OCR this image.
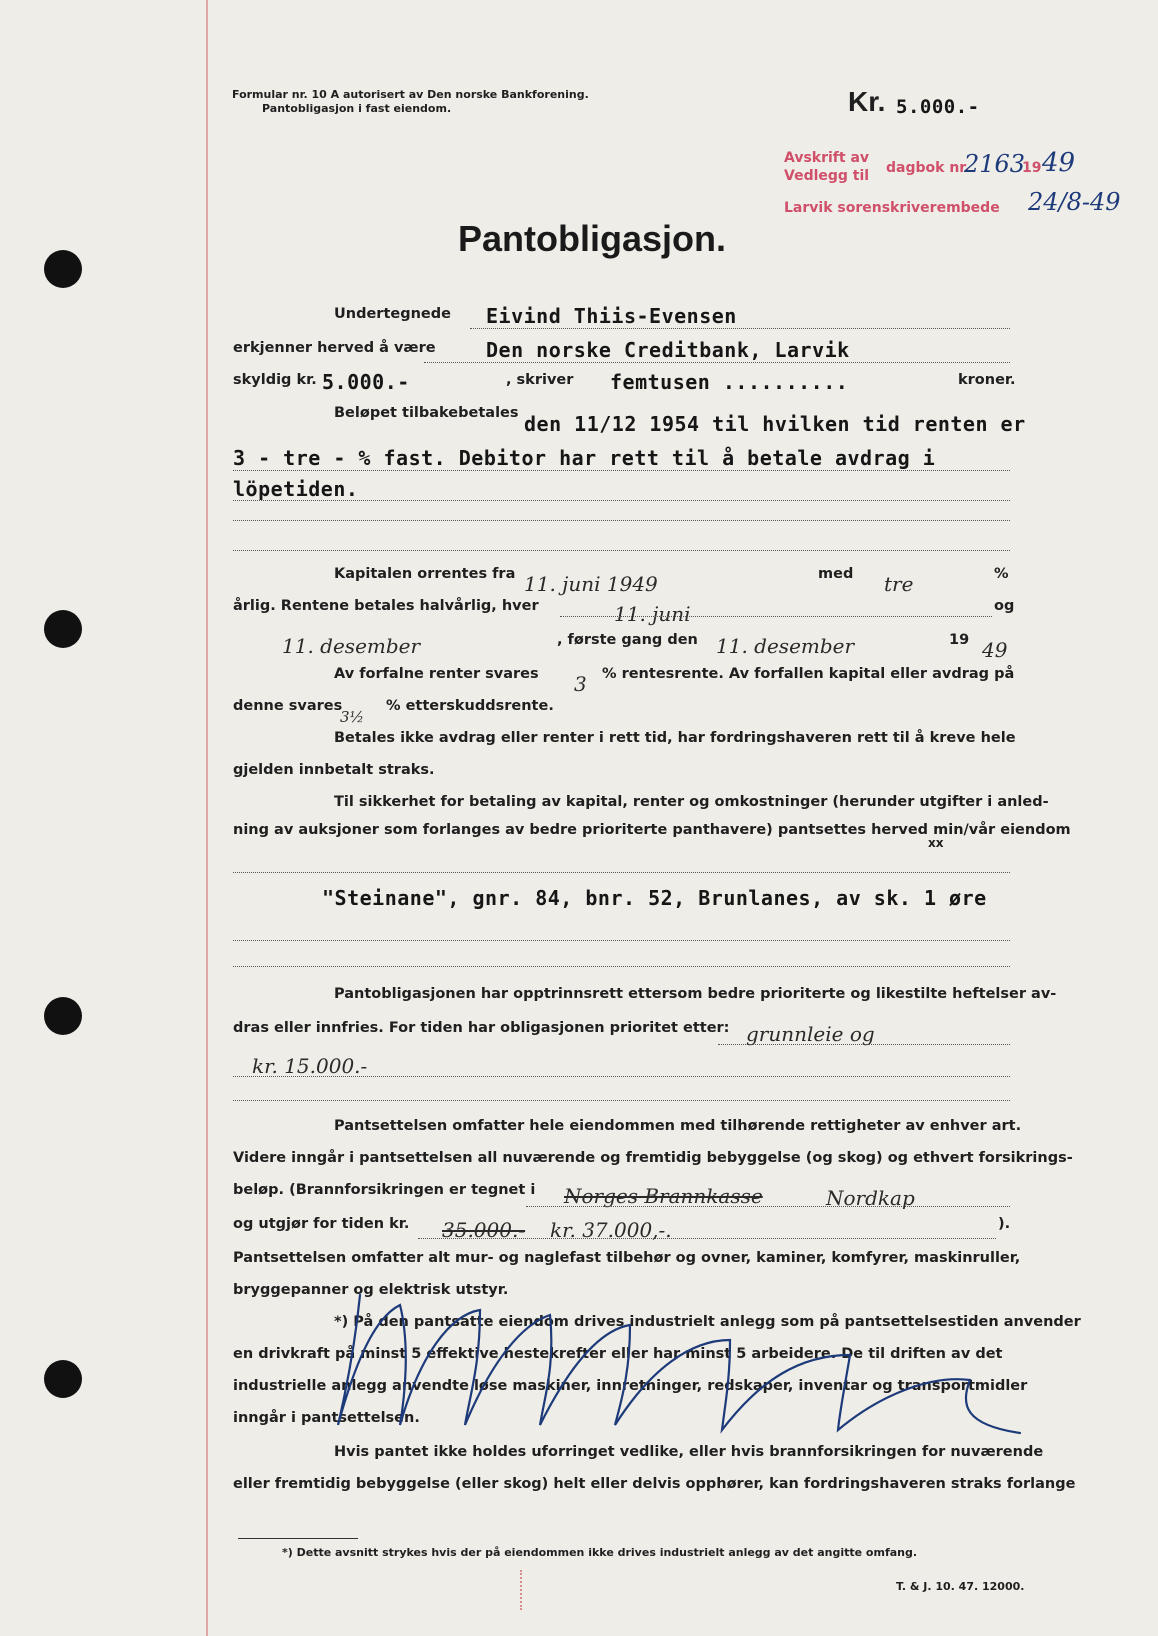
Formular nr. 10 A autorisert av Den norske Bankforening.
Pantobligasjon i fast eiendom.	Kr. 5.000.-
Avskrift av
Vedlegg til dagbok nr.
2163
19 49
Larvik sorenskriverembede 24/8-49
Pantobligasjon.
Undertegnede Eivind Thiis-Evensen
erkjenner herved å være	Den norske Creditbank, Larvik
skyldig kr. 5.000.-	, skriver femtusen ..........	kroner.
Beløpet tilbakebetales den 11/12 1954 til hvilken tid renten er
3 - tre - % fast. Debitor har rett til å betale avdrag i
löpetiden.
Kapitalen orrentes fra 11. juni 1949	med tre	%
årlig. Rentene betales halvårlig, hver	11. juni	og
11. desember	, første gang den 11. desember	19 49
Av forfalne renter svares 3 % rentesrente. Av forfallen kapital eller avdrag på
denne svares
3½
% etterskuddsrente.
Betales ikke avdrag eller renter i rett tid, har fordringshaveren rett til å kreve hele
gjelden innbetalt straks.
Til sikkerhet for betaling av kapital, renter og omkostninger (herunder utgifter i anled-
ning av auksjoner som forlanges av bedre prioriterte panthavere) pantsettes herved min/vår eiendom
xx
"Steinane", gnr. 84, bnr. 52, Brunlanes, av sk. 1 øre
Pantobligasjonen har opptrinnsrett ettersom bedre prioriterte og likestilte heftelser av-
dras eller innfries. For tiden har obligasjonen prioritet etter: grunnleie og
kr. 15.000.-
Pantsettelsen omfatter hele eiendommen med tilhørende rettigheter av enhver art.
Videre inngår i pantsettelsen all nuværende og fremtidig bebyggelse (og skog) og ethvert forsikrings-
beløp. (Brannforsikringen er tegnet i Norges Brannkasse	Nordkap
og utgjør for tiden kr. 35.000.- kr. 37.000,-.	).
Pantsettelsen omfatter alt mur- og naglefast tilbehør og ovner, kaminer, komfyrer, maskinruller,
bryggepanner og elektrisk utstyr.
*) På den pantsatte eiendom drives industrielt anlegg som på pantsettelsestiden anvender
en drivkraft på minst 5 effektive hestekrefter eller har minst 5 arbeidere. De til driften av det
industrielle anlegg anvendte løse maskiner, innretninger, redskaper, inventar og transportmidler
inngår i pantsettelsen.
Hvis pantet ikke holdes uforringet vedlike, eller hvis brannforsikringen for nuværende
eller fremtidig bebyggelse (eller skog) helt eller delvis opphører, kan fordringshaveren straks forlange
*) Dette avsnitt strykes hvis der på eiendommen ikke drives industrielt anlegg av det angitte omfang.
T. & J. 10. 47. 12000.
